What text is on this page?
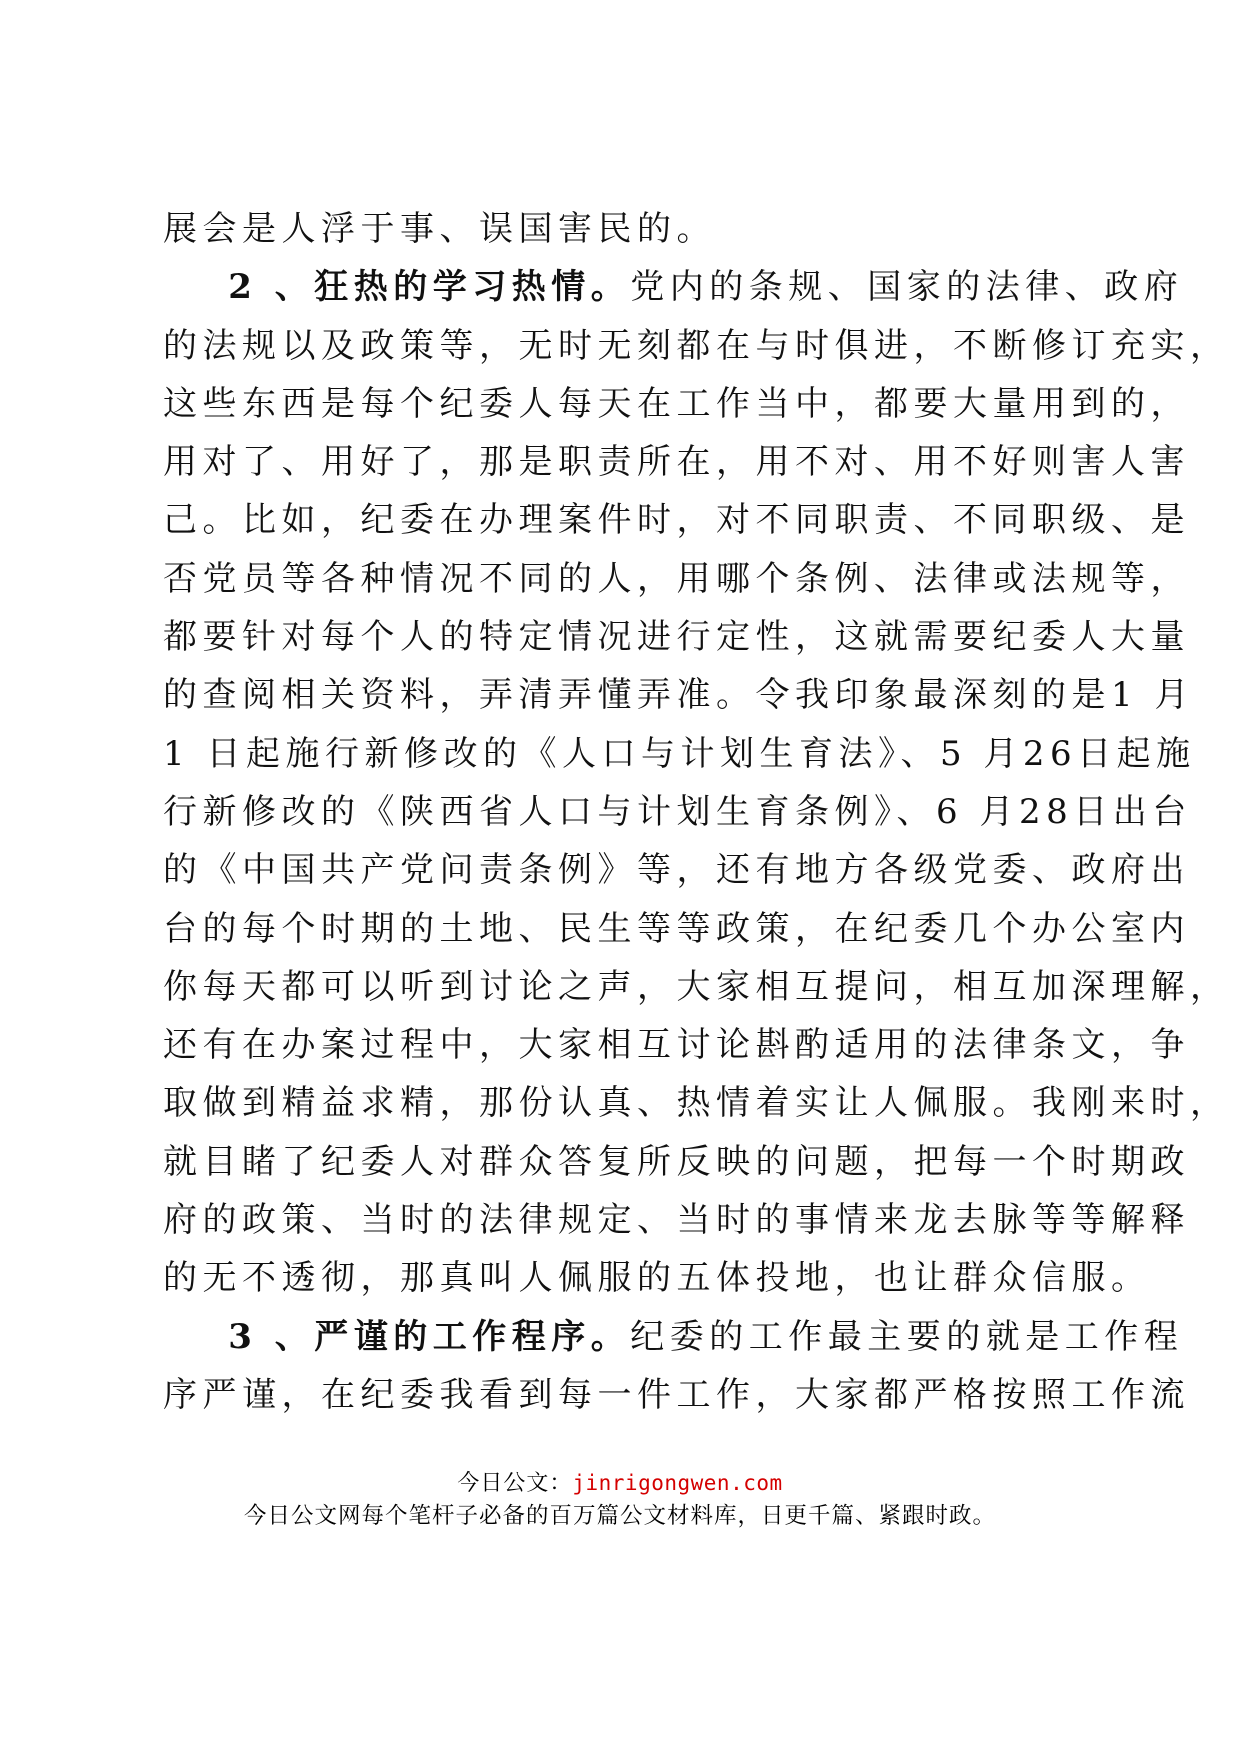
展会是人浮于事、误国害民的。
2 、狂热的学习热情。党内的条规、国家的法律、政府
的法规以及政策等，无时无刻都在与时俱进，不断修订充实，
这些东西是每个纪委人每天在工作当中，都要大量用到的，
用对了、用好了，那是职责所在，用不对、用不好则害人害
己。比如，纪委在办理案件时，对不同职责、不同职级、是
否党员等各种情况不同的人，用哪个条例、法律或法规等，
都要针对每个人的特定情况进行定性，这就需要纪委人大量
的查阅相关资料，弄清弄懂弄准。令我印象最深刻的是1 月
1 日起施行新修改的《人口与计划生育法》、5 月26日起施
行新修改的《陕西省人口与计划生育条例》、6 月28日出台
的《中国共产党问责条例》等，还有地方各级党委、政府出
台的每个时期的土地、民生等等政策，在纪委几个办公室内
你每天都可以听到讨论之声，大家相互提问，相互加深理解，
还有在办案过程中，大家相互讨论斟酌适用的法律条文，争
取做到精益求精，那份认真、热情着实让人佩服。我刚来时，
就目睹了纪委人对群众答复所反映的问题，把每一个时期政
府的政策、当时的法律规定、当时的事情来龙去脉等等解释
的无不透彻，那真叫人佩服的五体投地，也让群众信服。
3 、严谨的工作程序。纪委的工作最主要的就是工作程
序严谨，在纪委我看到每一件工作，大家都严格按照工作流
今日公文：jinrigongwen.com
今日公文网每个笔杆子必备的百万篇公文材料库，日更千篇、紧跟时政。
